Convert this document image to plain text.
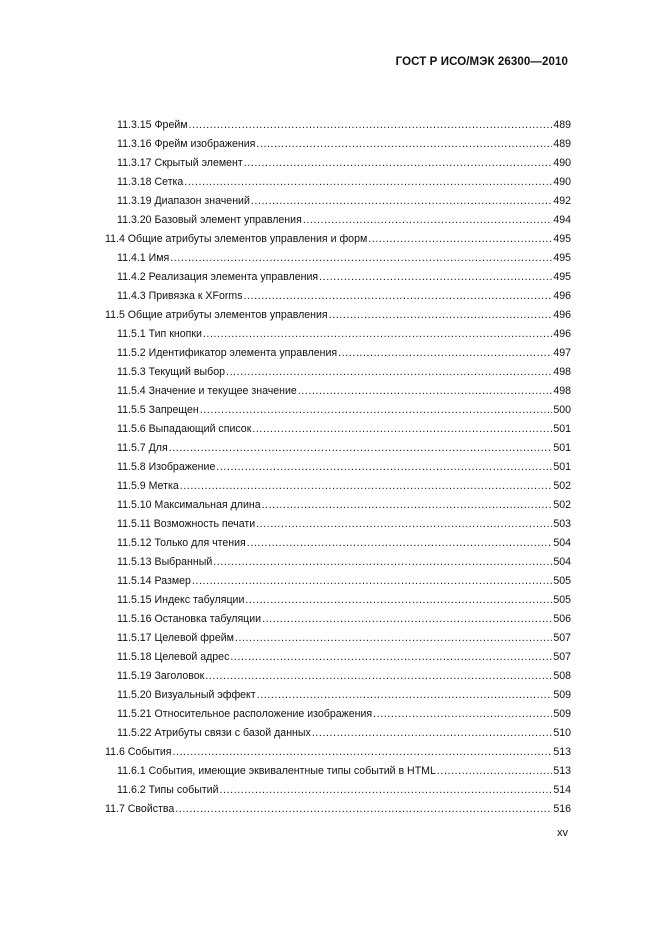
ГОСТ Р ИСО/МЭК 26300—2010
11.3.15 Фрейм .....	489
11.3.16 Фрейм изображения .....	489
11.3.17 Скрытый элемент .....	490
11.3.18 Сетка .....	490
11.3.19 Диапазон значений .....	492
11.3.20 Базовый элемент управления .....	494
11.4 Общие атрибуты элементов управления и форм .....	495
11.4.1 Имя .....	495
11.4.2 Реализация элемента управления .....	495
11.4.3 Привязка к XForms .....	496
11.5 Общие атрибуты элементов управления .....	496
11.5.1 Тип кнопки .....	496
11.5.2 Идентификатор элемента управления .....	497
11.5.3 Текущий выбор .....	498
11.5.4 Значение и текущее значение .....	498
11.5.5 Запрещен .....	500
11.5.6 Выпадающий список .....	501
11.5.7 Для .....	501
11.5.8 Изображение .....	501
11.5.9 Метка .....	502
11.5.10 Максимальная длина .....	502
11.5.11 Возможность печати .....	503
11.5.12 Только для чтения .....	504
11.5.13 Выбранный .....	504
11.5.14 Размер .....	505
11.5.15 Индекс табуляции .....	505
11.5.16 Остановка табуляции .....	506
11.5.17 Целевой фрейм .....	507
11.5.18 Целевой адрес .....	507
11.5.19 Заголовок .....	508
11.5.20 Визуальный эффект .....	509
11.5.21 Относительное расположение изображения .....	509
11.5.22 Атрибуты связи с базой данных .....	510
11.6 События .....	513
11.6.1 События, имеющие эквивалентные типы событий в HTML .....	513
11.6.2 Типы событий .....	514
11.7 Свойства .....	516
xv
